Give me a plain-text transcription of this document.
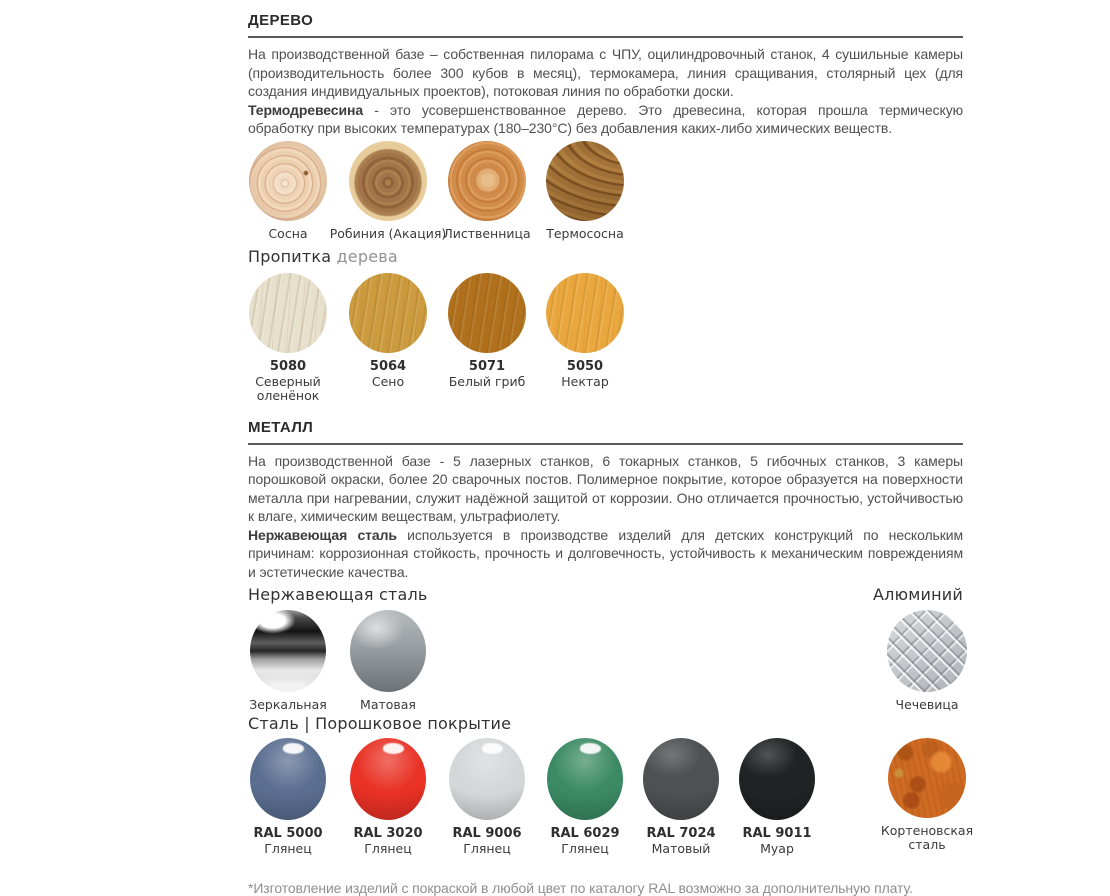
ДЕРЕВО
На производственной базе – собственная пилорама с ЧПУ, оцилиндровочный станок, 4 сушильные камеры (производительность более 300 кубов в месяц), термокамера, линия сращивания, столярный цех (для создания индивидуальных проектов), потоковая линия по обработки доски.
Термодревесина - это усовершенствованное дерево. Это древесина, которая прошла термическую обработку при высоких температурах (180–230°С) без добавления каких-либо химических веществ.
Сосна Робиния (Акация)
Лиственница Термососна
Пропитка дерева
5080
Северный оленёнок
5064
Сено
5071
Белый гриб
5050
Нектар
МЕТАЛЛ
На производственной базе - 5 лазерных станков, 6 токарных станков, 5 гибочных станков, 3 камеры порошковой окраски, более 20 сварочных постов. Полимерное покрытие, которое образуется на поверхности металла при нагревании, служит надёжной защитой от коррозии. Оно отличается прочностью, устойчивостью к влаге, химическим веществам, ультрафиолету.
Нержавеющая сталь используется в производстве изделий для детских конструкций по нескольким причинам: коррозионная стойкость, прочность и долговечность, устойчивость к механическим повреждениям и эстетические качества.
Нержавеющая сталь	Алюминий
Зеркальная	Матовая	Чечевица
Сталь | Порошковое покрытие
RAL 5000
Глянец
RAL 3020
Глянец
RAL 9006
Глянец
RAL 6029
Глянец
RAL 7024
Матовый
RAL 9011
Муар
Кортеновская сталь
*Изготовление изделий с покраской в любой цвет по каталогу RAL возможно за дополнительную плату.
